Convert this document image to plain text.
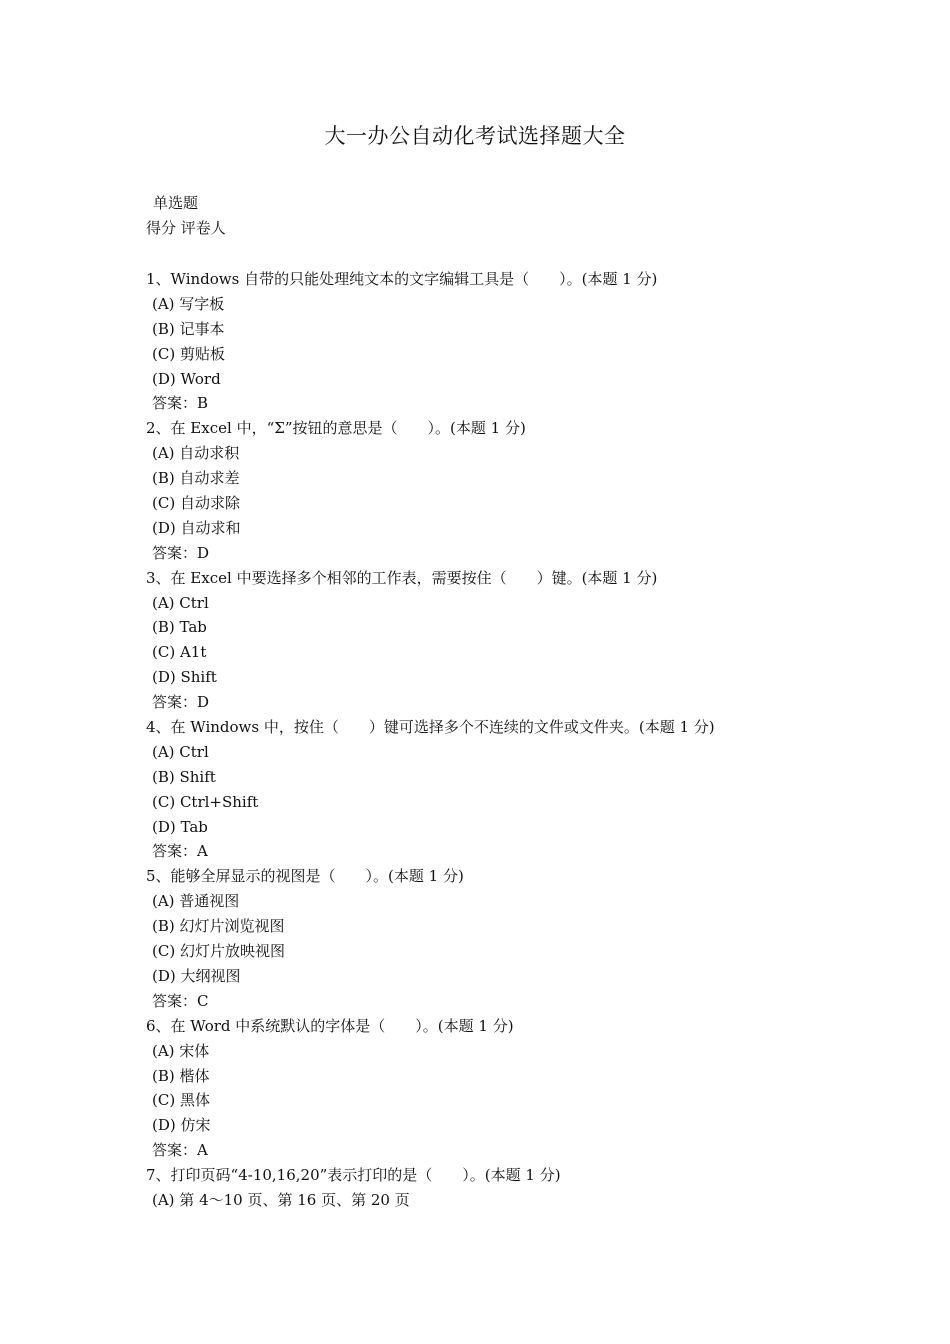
大一办公自动化考试选择题大全
单选题
得分 评卷人
1、Windows 自带的只能处理纯文本的文字编辑工具是（　　）。(本题 1 分)
(A) 写字板
(B) 记事本
(C) 剪贴板
(D) Word
答案：B
2、在 Excel 中，“Σ”按钮的意思是（　　）。(本题 1 分)
(A) 自动求积
(B) 自动求差
(C) 自动求除
(D) 自动求和
答案：D
3、在 Excel 中要选择多个相邻的工作表，需要按住（　　）键。(本题 1 分)
(A) Ctrl
(B) Tab
(C) A1t
(D) Shift
答案：D
4、在 Windows 中，按住（　　）键可选择多个不连续的文件或文件夹。(本题 1 分)
(A) Ctrl
(B) Shift
(C) Ctrl+Shift
(D) Tab
答案：A
5、能够全屏显示的视图是（　　）。(本题 1 分)
(A) 普通视图
(B) 幻灯片浏览视图
(C) 幻灯片放映视图
(D) 大纲视图
答案：C
6、在 Word 中系统默认的字体是（　　）。(本题 1 分)
(A) 宋体
(B) 楷体
(C) 黑体
(D) 仿宋
答案：A
7、打印页码“4-10,16,20”表示打印的是（　　）。(本题 1 分)
(A) 第 4～10 页、第 16 页、第 20 页
